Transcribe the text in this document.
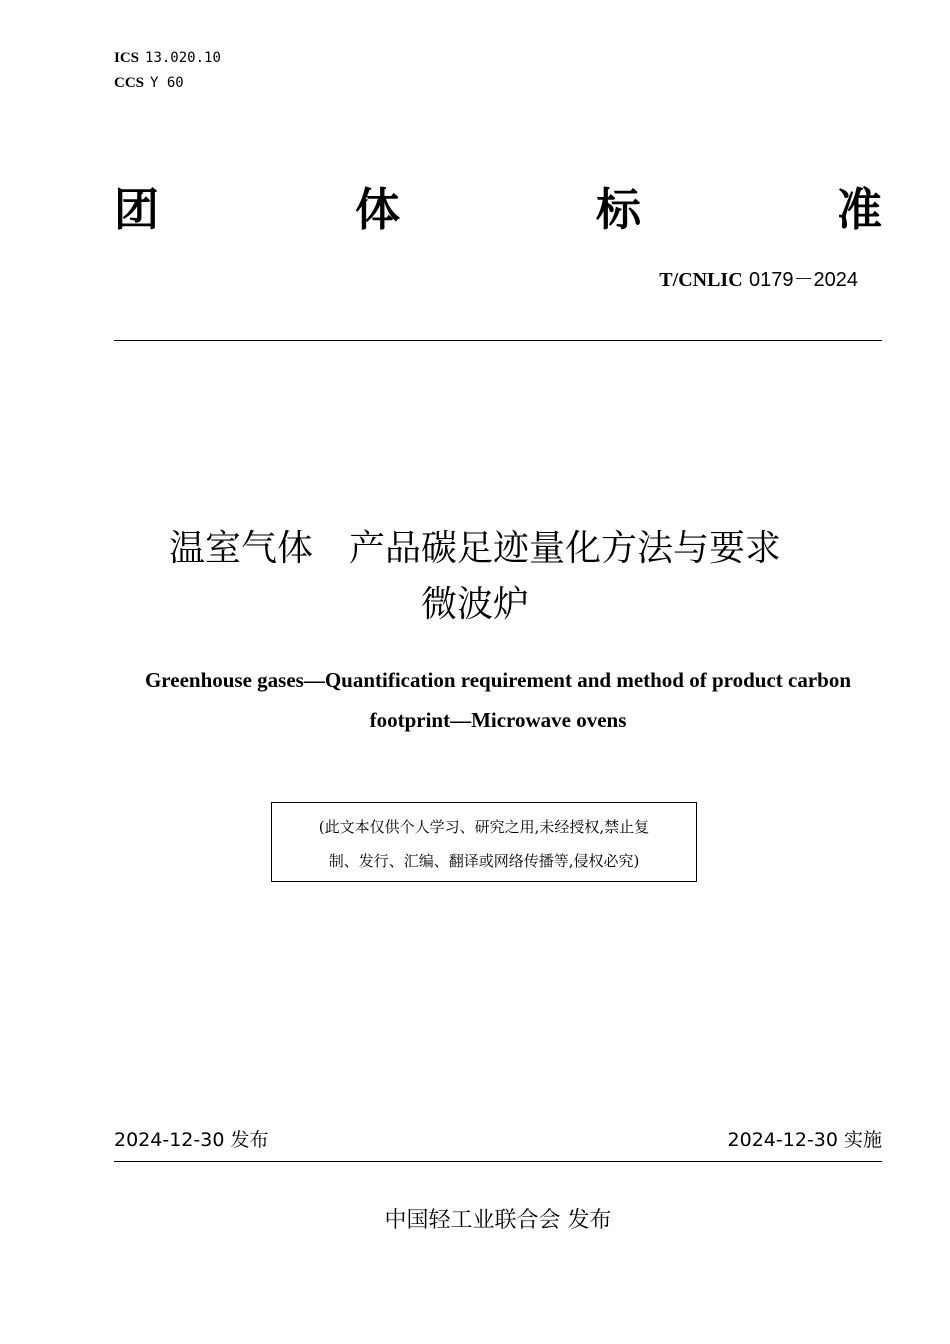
ICS 13.020.10
CCS Y 60
团	体	标	准
T/CNLIC 0179－2024
温室气体　产品碳足迹量化方法与要求
微波炉
Greenhouse gases—Quantification requirement and method of product carbon
footprint—Microwave ovens
(此文本仅供个人学习、研究之用,未经授权,禁止复
制、发行、汇编、翻译或网络传播等,侵权必究)
2024-12-30 发布	2024-12-30 实施
中国轻工业联合会 发布
